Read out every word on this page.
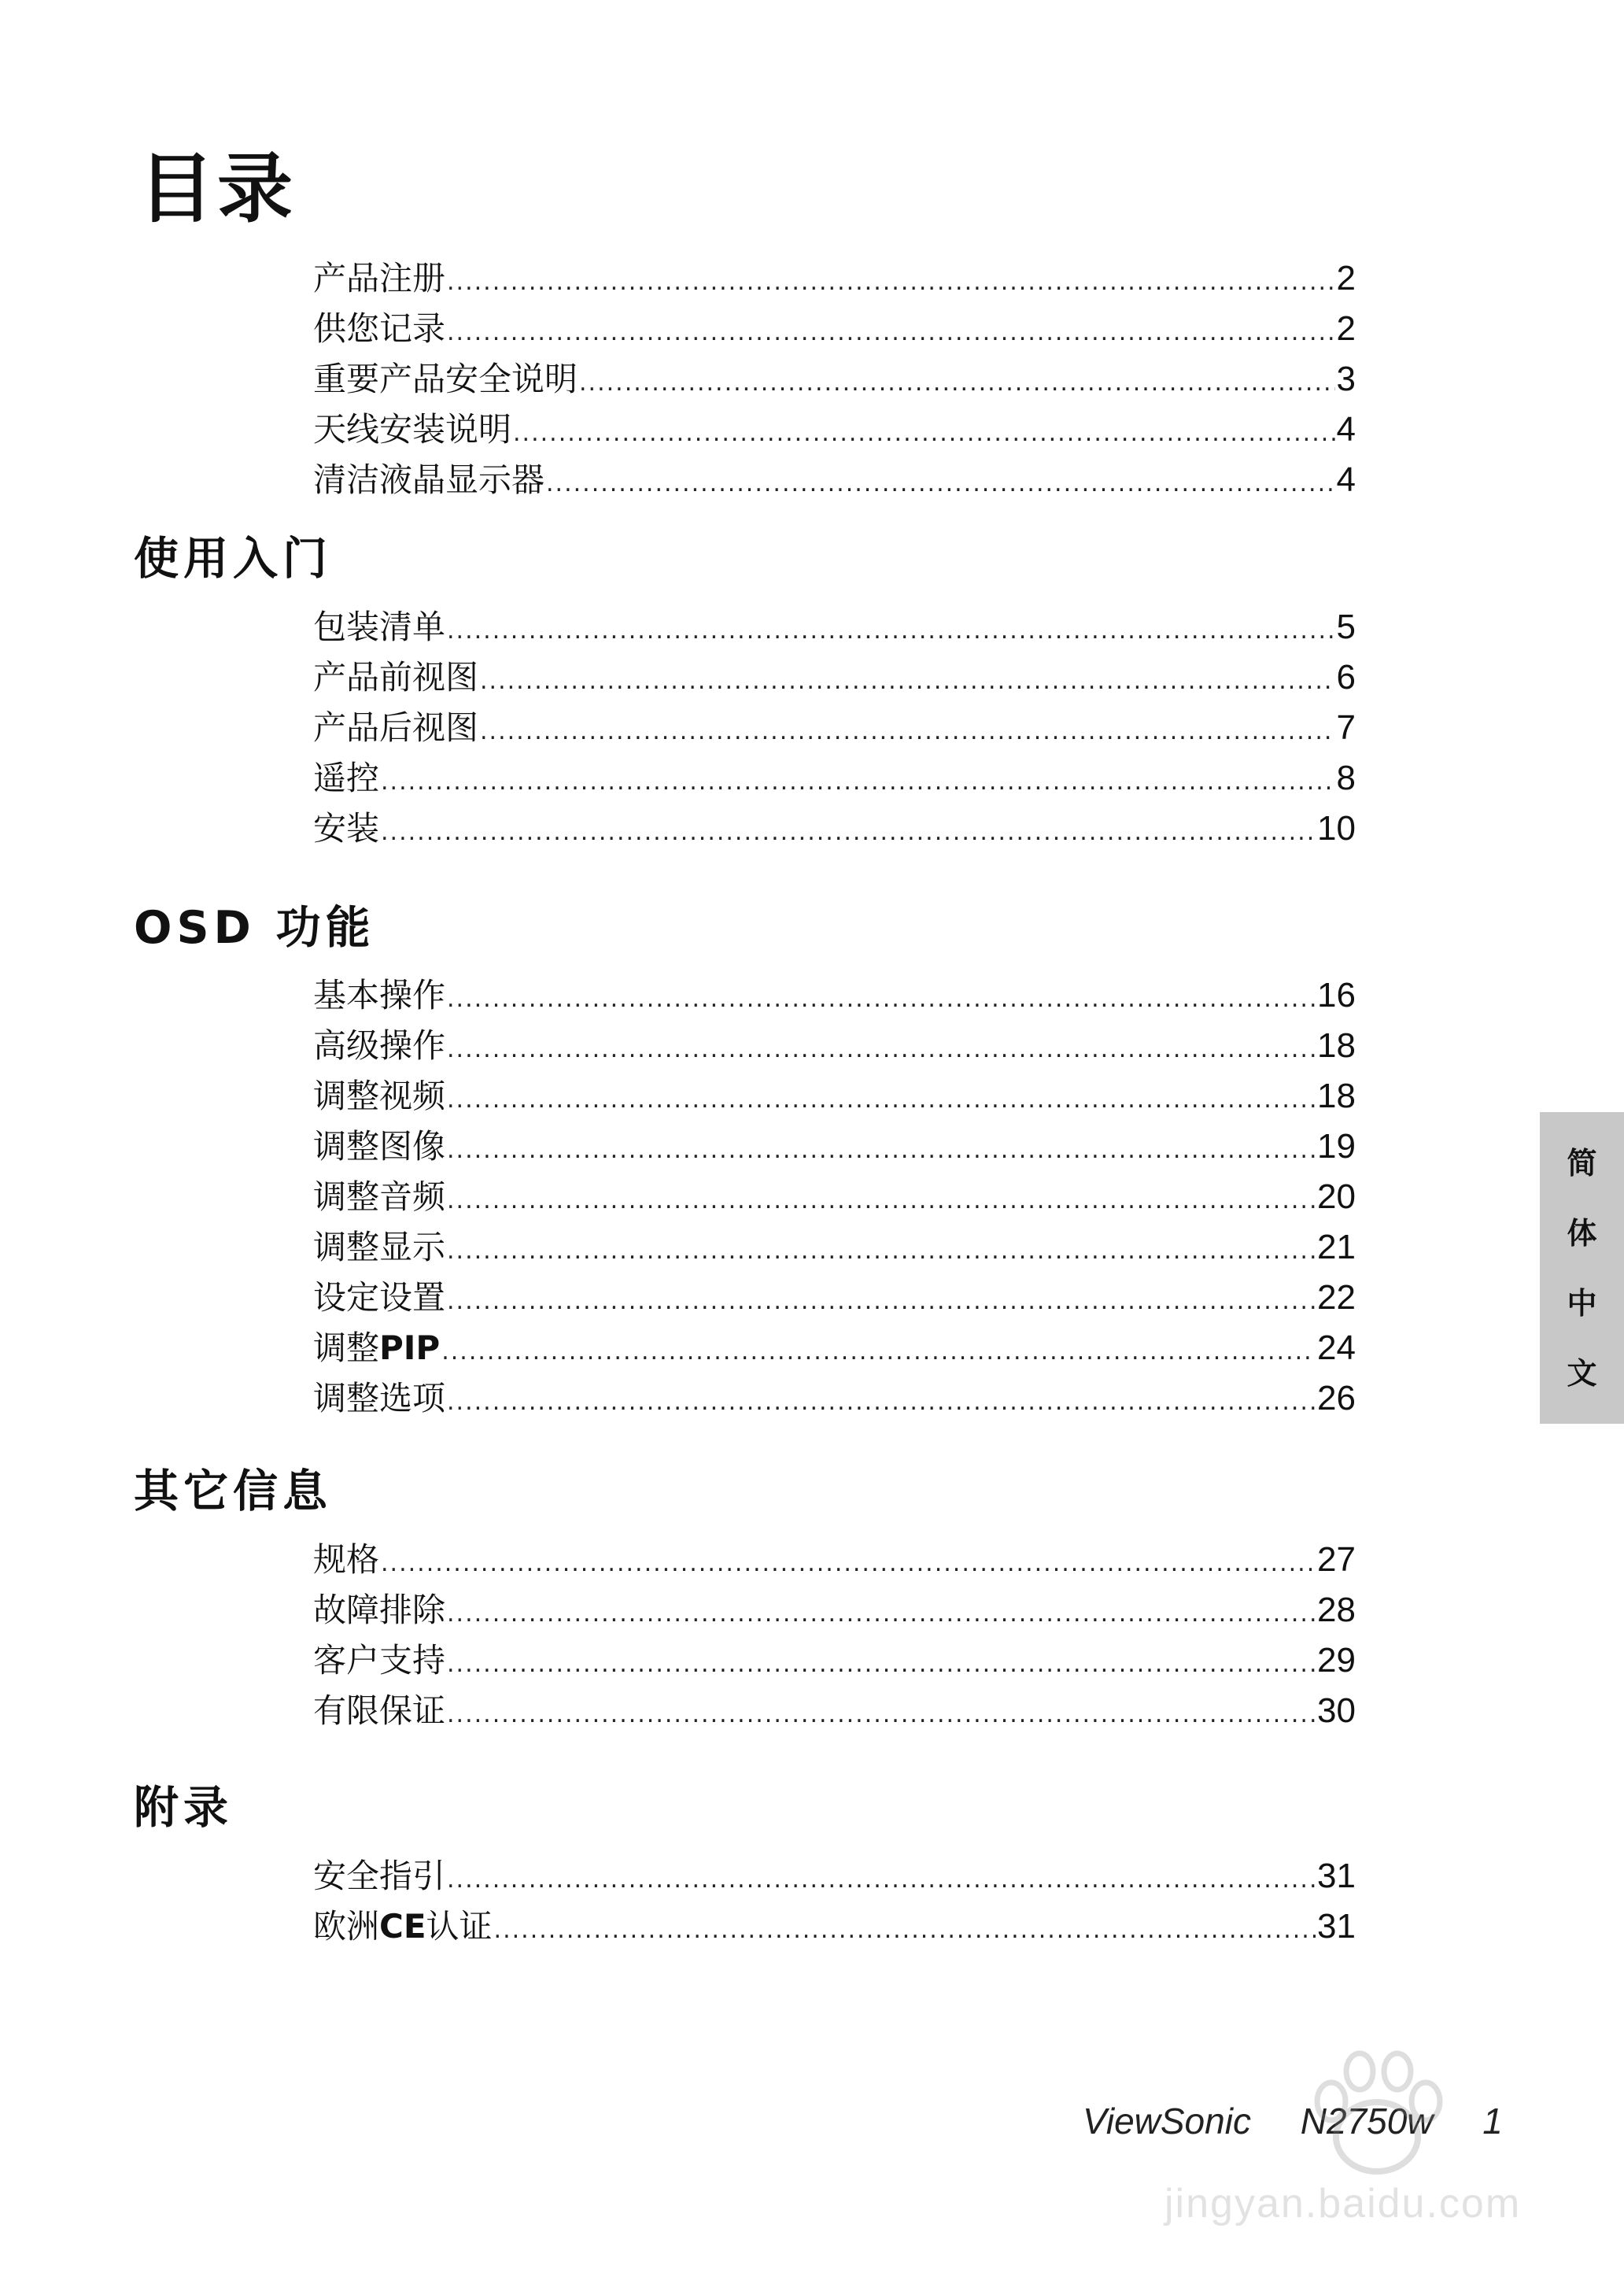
目录
产品注册 .....	2
供您记录 .....	2
重要产品安全说明 .....	3
天线安装说明 .....	4
清洁液晶显示器 .....	4
使用入门
包装清单 .....	5
产品前视图 .....	6
产品后视图 .....	7
遥控 .....	8
安装 .....	10
OSD 功能
基本操作 .....	16
高级操作 .....	18
调整视频 .....	18
调整图像 .....	19
调整音频 .....	20
调整显示 .....	21
设定设置 .....	22
调整PIP .....	24
调整选项 .....	26
其它信息
规格 .....	27
故障排除 .....	28
客户支持 .....	29
有限保证 .....	30
附录
安全指引 .....	31
欧洲CE认证 .....	31
简
体
中
文
ViewSonic N2750w 1
jingyan.baidu.com
